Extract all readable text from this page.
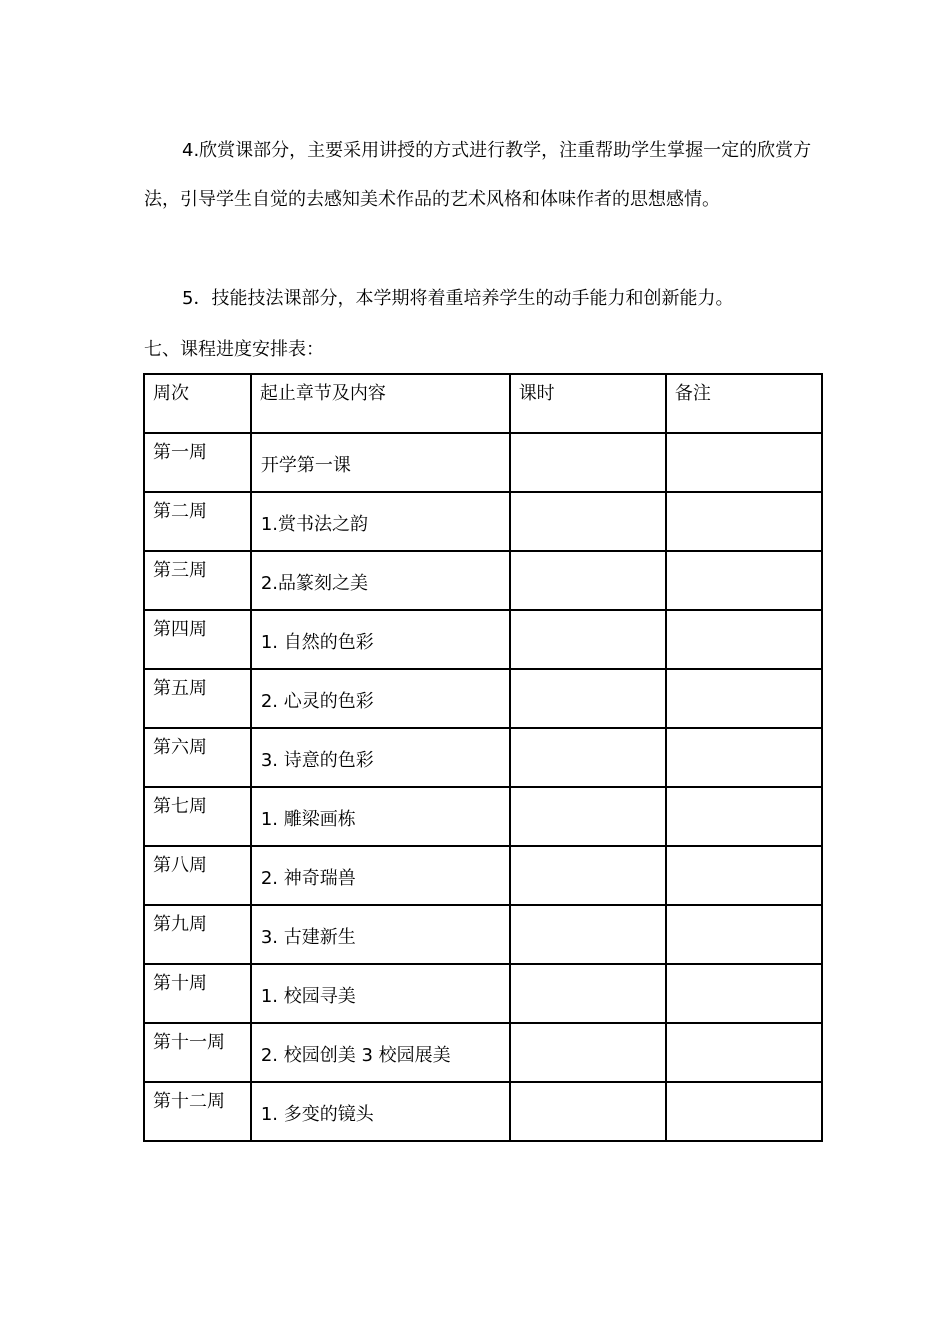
4.欣赏课部分，主要采用讲授的方式进行教学，注重帮助学生掌握一定的欣赏方法，引导学生自觉的去感知美术作品的艺术风格和体味作者的思想感情。

5．技能技法课部分，本学期将着重培养学生的动手能力和创新能力。

七、课程进度安排表：

周次	起止章节及内容	课时	备注

第一周	开学第一课		

第二周	1.赏书法之韵		

第三周	2.品篆刻之美		

第四周	1. 自然的色彩		

第五周	2. 心灵的色彩		

第六周	3. 诗意的色彩		

第七周	1. 雕梁画栋		

第八周	2. 神奇瑞兽		

第九周	3. 古建新生		

第十周	1. 校园寻美		

第十一周	2. 校园创美 3 校园展美		

第十二周	1. 多变的镜头		
